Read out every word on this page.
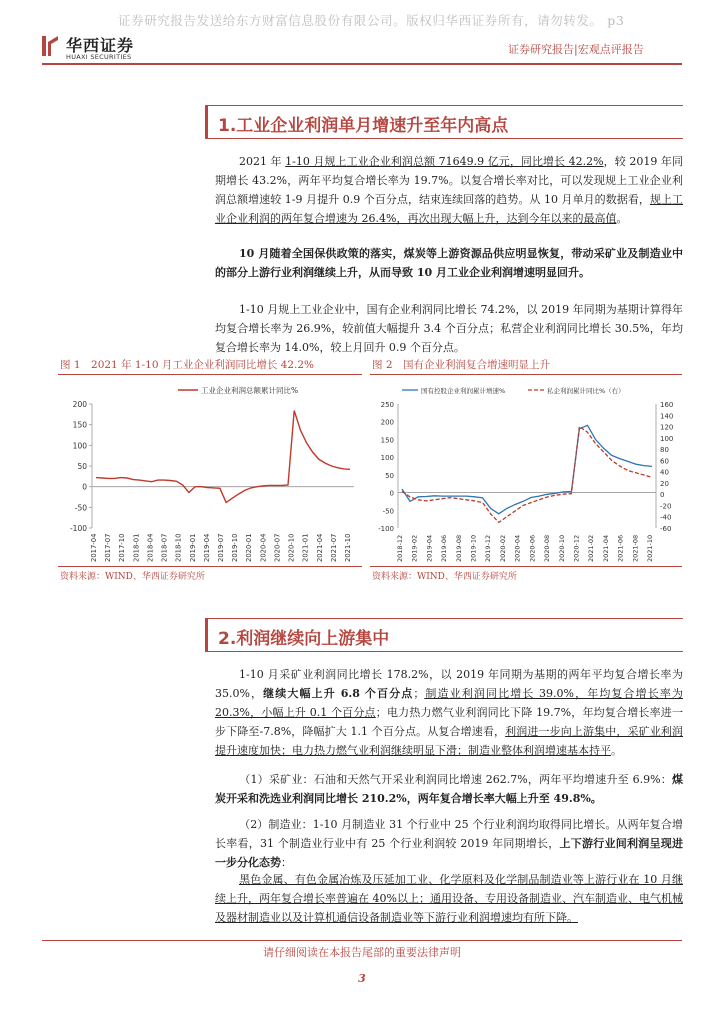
证券研究报告发送给东方财富信息股份有限公司。版权归华西证券所有，请勿转发。 p3
华西证券
HUAXI SECURITIES
证券研究报告|宏观点评报告
1.工业企业利润单月增速升至年内高点
2021 年 1-10 月规上工业企业利润总额 71649.9 亿元，同比增长 42.2%，较 2019 年同期增长 43.2%，两年平均复合增长率为 19.7%。以复合增长率对比，可以发现规上工业企业利润总额增速较 1-9 月提升 0.9 个百分点，结束连续回落的趋势。从 10 月单月的数据看，规上工业企业利润的两年复合增速为 26.4%，再次出现大幅上升，达到今年以来的最高值。
10 月随着全国保供政策的落实，煤炭等上游资源品供应明显恢复，带动采矿业及制造业中的部分上游行业利润继续上升，从而导致 10 月工业企业利润增速明显回升。
1-10 月规上工业企业中，国有企业利润同比增长 74.2%，以 2019 年同期为基期计算得年均复合增长率为 26.9%，较前值大幅提升 3.4 个百分点；私营企业利润同比增长 30.5%，年均复合增长率为 14.0%，较上月回升 0.9 个百分点。
图 1　2021 年 1-10 月工业企业利润同比增长 42.2%	图 2　国有企业利润复合增速明显上升
200
150
100
50
0
-50
-100
2017-04 2017-07 2017-10 2018-01 2018-04 2018-07 2018-10 2019-01 2019-04 2019-07 2019-10 2020-01 2020-04 2020-07 2020-10 2021-01 2021-04 2021-07 2021-10
工业企业利润总额累计同比%
250
200
150
100
50
0
-50
-100
160
140
120
100
80
60
40
20
0
-20
-40
-60
2018-12 2019-02 2019-04 2019-06 2019-08 2019-10 2019-12 2020-02 2020-04 2020-06 2020-08 2020-10 2020-12 2021-02 2021-04 2021-06 2021-08 2021-10
国有控股企业利润累计增速%	私企利润累计同比%（右）
资料来源：WIND、华西证券研究所	资料来源：WIND、华西证券研究所
2.利润继续向上游集中
1-10 月采矿业利润同比增长 178.2%，以 2019 年同期为基期的两年平均复合增长率为 35.0%，继续大幅上升 6.8 个百分点；制造业利润同比增长 39.0%，年均复合增长率为 20.3%，小幅上升 0.1 个百分点；电力热力燃气业利润同比下降 19.7%，年均复合增长率进一步下降至-7.8%，降幅扩大 1.1 个百分点。从复合增速看，利润进一步向上游集中，采矿业利润提升速度加快；电力热力燃气业利润继续明显下滑；制造业整体利润增速基本持平。
（1）采矿业：石油和天然气开采业利润同比增速 262.7%，两年平均增速升至 6.9%：煤炭开采和洗选业利润同比增长 210.2%，两年复合增长率大幅上升至 49.8%。
（2）制造业：1-10 月制造业 31 个行业中 25 个行业利润均取得同比增长。从两年复合增长率看，31 个制造业行业中有 25 个行业利润较 2019 年同期增长，上下游行业间利润呈现进一步分化态势：
黑色金属、有色金属冶炼及压延加工业、化学原料及化学制品制造业等上游行业在 10 月继续上升，两年复合增长率普遍在 40%以上；通用设备、专用设备制造业、汽车制造业、电气机械及器材制造业以及计算机通信设备制造业等下游行业利润增速均有所下降。
请仔细阅读在本报告尾部的重要法律声明
3
